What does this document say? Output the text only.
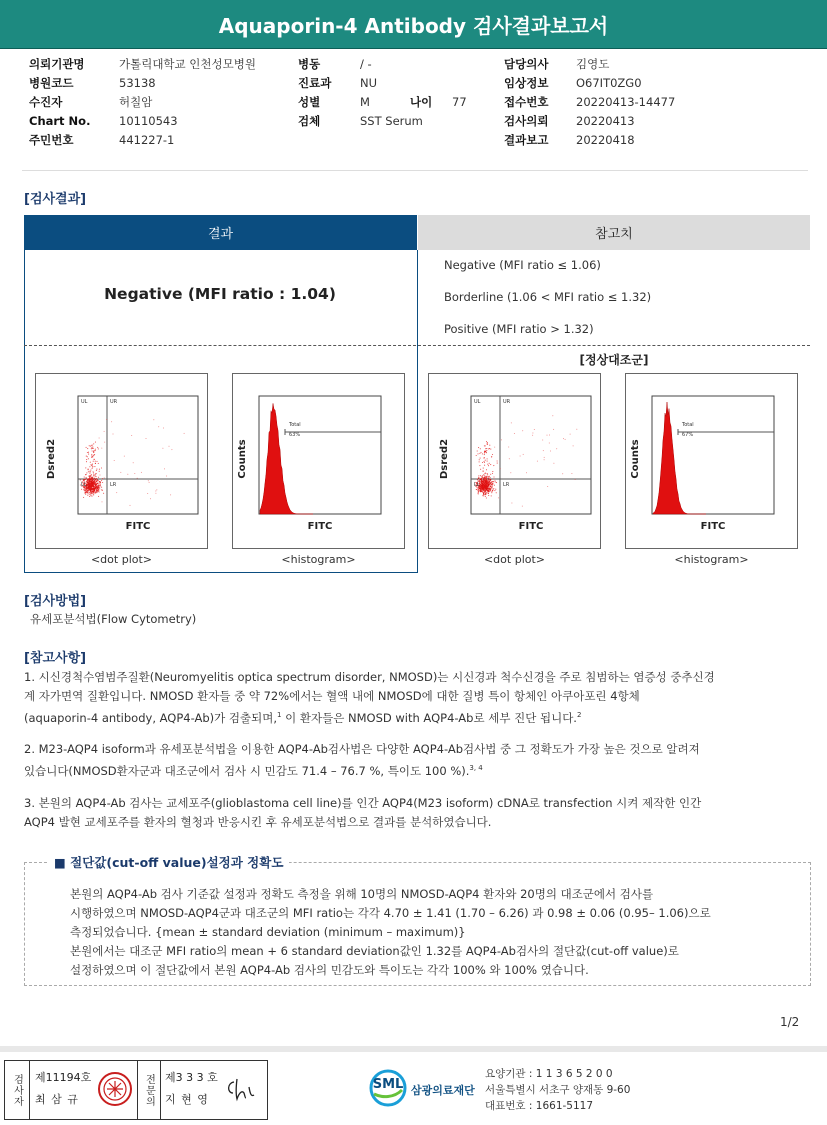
Aquaporin-4 Antibody 검사결과보고서
의뢰기관명	가톨릭대학교 인천성모병원
병원코드	53138
수진자	허칠암
Chart No. 10110543
주민번호	441227-1
병동	/ -
진료과 NU
성별	M	나이 77
검체	SST Serum
담당의사 김영도
임상정보 O67IT0ZG0
접수번호 20220413-14477
검사의뢰 20220413
결과보고 20220418
[검사결과]
결과	참고치
Negative (MFI ratio : 1.04)
Negative (MFI ratio ≤ 1.06)
Borderline (1.06 < MFI ratio ≤ 1.32)
Positive (MFI ratio > 1.32)
[정상대조군]
Dsred2
FITC
UL	UR
LL	LR
Counts
FITC
Total
63%
Dsred2
FITC
UL	UR
LL	LR
Counts
FITC
Total
67%
<dot plot>	<histogram>	<dot plot>	<histogram>
[검사방법]
유세포분석법(Flow Cytometry)
[참고사항]
1. 시신경척수염범주질환(Neuromyelitis optica spectrum disorder, NMOSD)는 시신경과 척수신경을 주로 침범하는 염증성 중추신경
계 자가면역 질환입니다. NMOSD 환자들 중 약 72%에서는 혈액 내에 NMOSD에 대한 질병 특이 항체인 아쿠아포린 4항체
(aquaporin-4 antibody, AQP4-Ab)가 검출되며,$^1$ 이 환자들은 NMOSD with AQP4-Ab로 세부 진단 됩니다.$^2$
2. M23-AQP4 isoform과 유세포분석법을 이용한 AQP4-Ab검사법은 다양한 AQP4-Ab검사법 중 그 정확도가 가장 높은 것으로 알려져
있습니다(NMOSD환자군과 대조군에서 검사 시 민감도 71.4 – 76.7 %, 특이도 100 %).$^{3, 4}$
3. 본원의 AQP4-Ab 검사는 교세포주(glioblastoma cell line)를 인간 AQP4(M23 isoform) cDNA로 transfection 시켜 제작한 인간
AQP4 발현 교세포주를 환자의 혈청과 반응시킨 후 유세포분석법으로 결과를 분석하였습니다.
■ 절단값(cut-off value)설정과 정확도
본원의 AQP4-Ab 검사 기준값 설정과 정확도 측정을 위해 10명의 NMOSD-AQP4 환자와 20명의 대조군에서 검사를
시행하였으며 NMOSD-AQP4군과 대조군의 MFI ratio는 각각 4.70 ± 1.41 (1.70 – 6.26) 과 0.98 ± 0.06 (0.95– 1.06)으로
측정되었습니다. {mean ± standard deviation (minimum – maximum)}
본원에서는 대조군 MFI ratio의 mean + 6 standard deviation값인 1.32를 AQP4-Ab검사의 절단값(cut-off value)로
설정하였으며 이 절단값에서 본원 AQP4-Ab 검사의 민감도와 특이도는 각각 100% 와 100% 였습니다.
1/2
검사자	제11194호
최 삼 규	전문의 제3 3 3 호
지 현 영
SML 삼광의료재단
요양기관 : 1 1 3 6 5 2 0 0
서울특별시 서초구 양재동 9-60
대표번호 : 1661-5117
